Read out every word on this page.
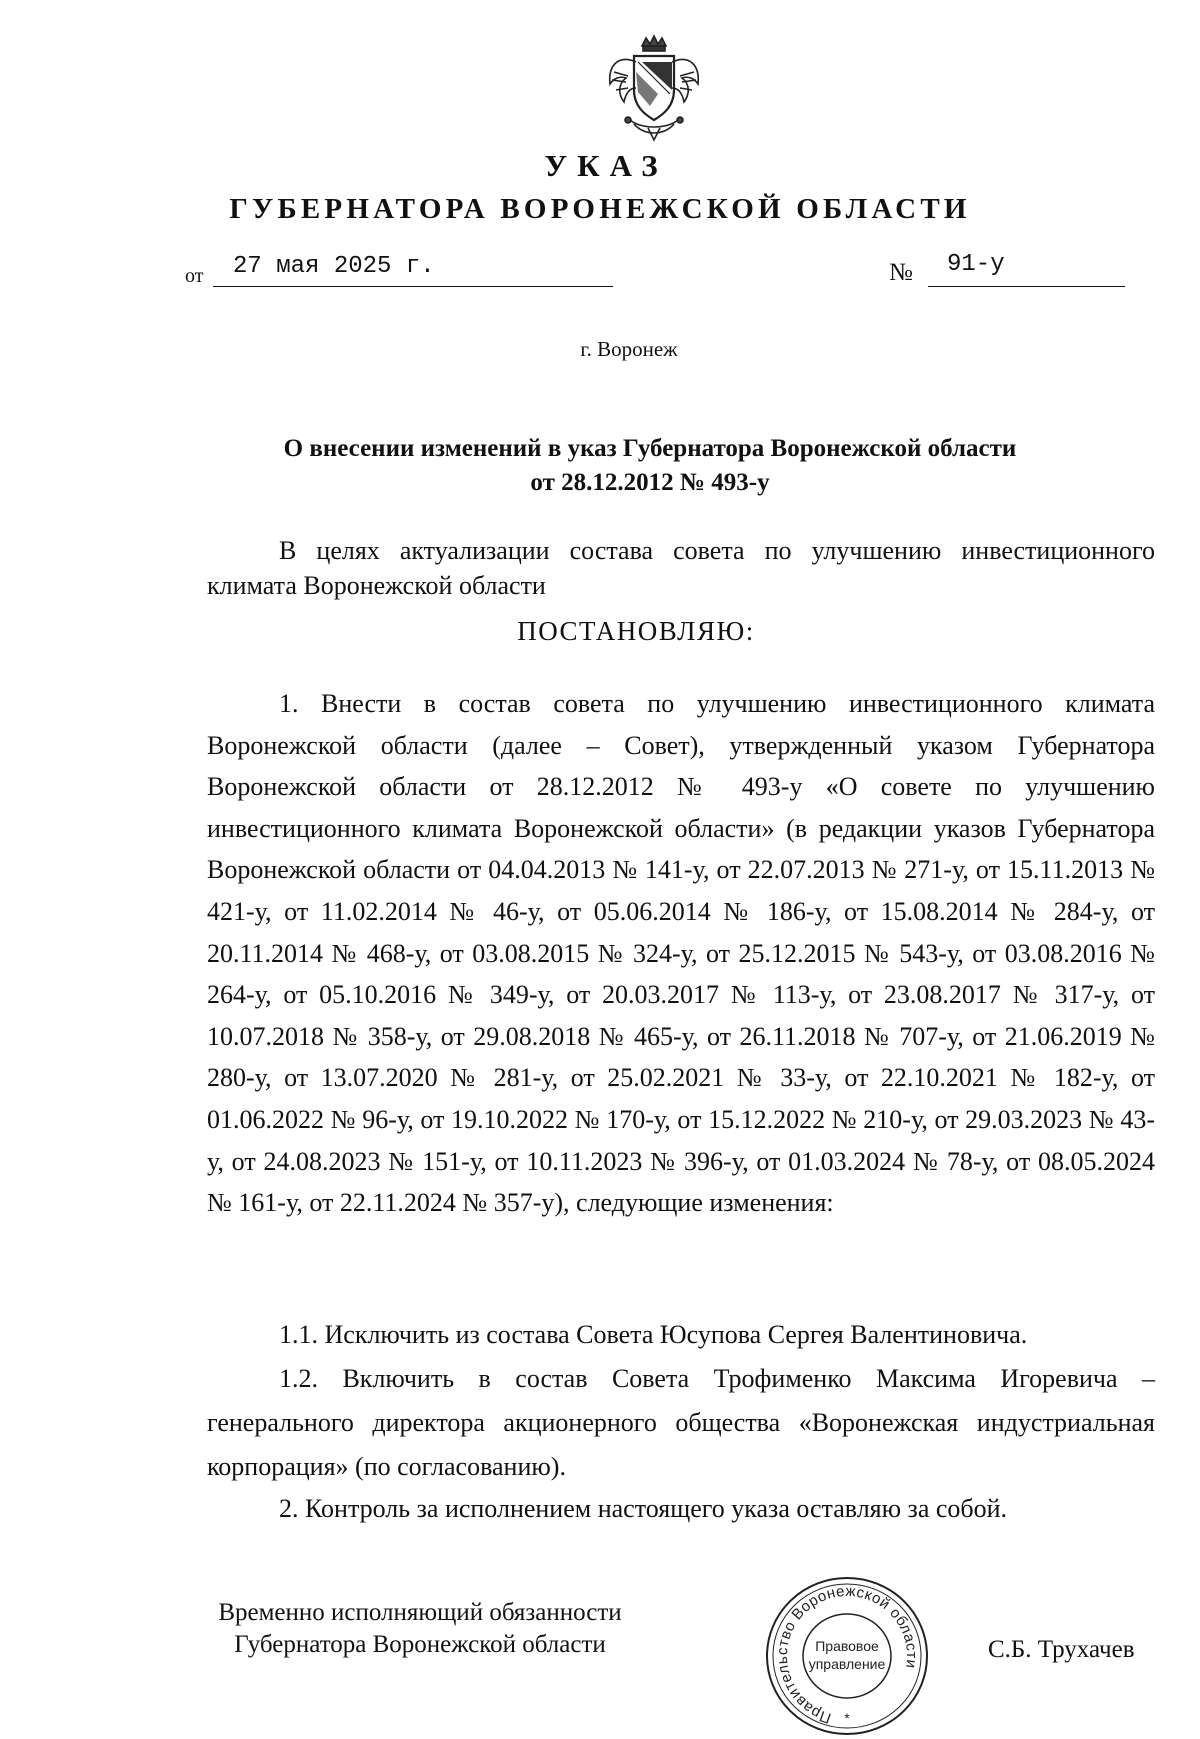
УКАЗ
ГУБЕРНАТОРА ВОРОНЕЖСКОЙ ОБЛАСТИ
от 27 мая 2025 г.	№ 91-у
г. Воронеж
О внесении изменений в указ Губернатора Воронежской области
от 28.12.2012 № 493-у
В целях актуализации состава совета по улучшению инвестиционного климата Воронежской области
ПОСТАНОВЛЯЮ:
1. Внести в состав совета по улучшению инвестиционного климата Воронежской области (далее – Совет), утвержденный указом Губернатора Воронежской области от 28.12.2012 № 493-у «О совете по улучшению инвестиционного климата Воронежской области» (в редакции указов Губернатора Воронежской области от 04.04.2013 № 141-у, от 22.07.2013 № 271-у, от 15.11.2013 № 421-у, от 11.02.2014 № 46-у, от 05.06.2014 № 186-у, от 15.08.2014 № 284-у, от 20.11.2014 № 468-у, от 03.08.2015 № 324-у, от 25.12.2015 № 543-у, от 03.08.2016 № 264-у, от 05.10.2016 № 349-у, от 20.03.2017 № 113-у, от 23.08.2017 № 317-у, от 10.07.2018 № 358-у, от 29.08.2018 № 465-у, от 26.11.2018 № 707-у, от 21.06.2019 № 280-у, от 13.07.2020 № 281-у, от 25.02.2021 № 33-у, от 22.10.2021 № 182-у, от 01.06.2022 № 96-у, от 19.10.2022 № 170-у, от 15.12.2022 № 210-у, от 29.03.2023 № 43-у, от 24.08.2023 № 151-у, от 10.11.2023 № 396-у, от 01.03.2024 № 78-у, от 08.05.2024 № 161-у, от 22.11.2024 № 357-у), следующие изменения:
1.1. Исключить из состава Совета Юсупова Сергея Валентиновича.
1.2. Включить в состав Совета Трофименко Максима Игоревича – генерального директора акционерного общества «Воронежская индустриальная корпорация» (по согласованию).
2. Контроль за исполнением настоящего указа оставляю за собой.
Временно исполняющий обязанности
Губернатора Воронежской области
Правительство Воронежской области
Правовое
управление
*
С.Б. Трухачев
